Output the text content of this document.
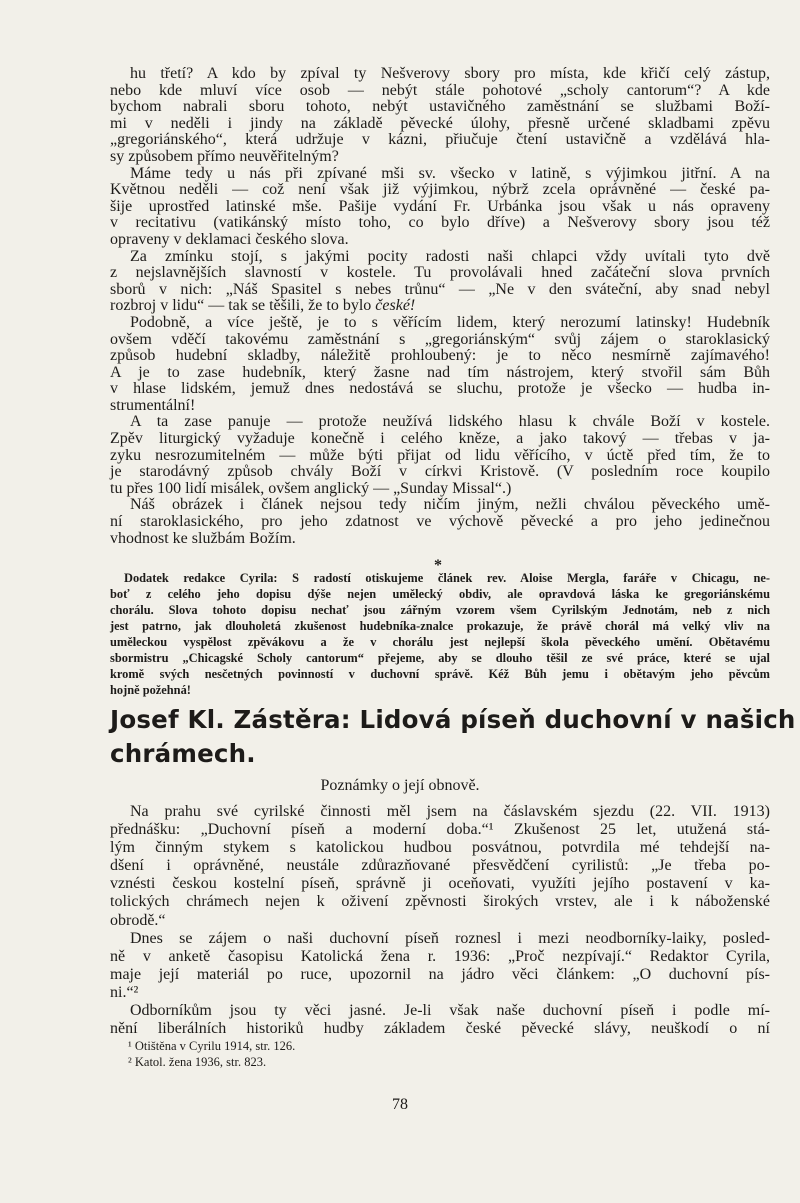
hu třetí? A kdo by zpíval ty Nešverovy sbory pro místa, kde křičí celý zástup,
nebo kde mluví více osob — nebýt stále pohotové „scholy cantorum“? A kde
bychom nabrali sboru tohoto, nebýt ustavičného zaměstnání se službami Boží-
mi v neděli i jindy na základě pěvecké úlohy, přesně určené skladbami zpěvu
„gregoriánského“, která udržuje v kázni, přiučuje čtení ustavičně a vzdělává hla-
sy způsobem přímo neuvěřitelným?
Máme tedy u nás při zpívané mši sv. všecko v latině, s výjimkou jitřní. A na
Květnou neděli — což není však již výjimkou, nýbrž zcela oprávněné — české pa-
šije uprostřed latinské mše. Pašije vydání Fr. Urbánka jsou však u nás opraveny
v recitativu (vatikánský místo toho, co bylo dříve) a Nešverovy sbory jsou též
opraveny v deklamaci českého slova.
Za zmínku stojí, s jakými pocity radosti naši chlapci vždy uvítali tyto dvě
z nejslavnějších slavností v kostele. Tu provolávali hned začáteční slova prvních
sborů v nich: „Náš Spasitel s nebes trůnu“ — „Ne v den sváteční, aby snad nebyl
rozbroj v lidu“ — tak se těšili, že to bylo české!
Podobně, a více ještě, je to s věřícím lidem, který nerozumí latinsky! Hudebník
ovšem vděčí takovému zaměstnání s „gregoriánským“ svůj zájem o staroklasický
způsob hudební skladby, náležitě prohloubený: je to něco nesmírně zajímavého!
A je to zase hudebník, který žasne nad tím nástrojem, který stvořil sám Bůh
v hlase lidském, jemuž dnes nedostává se sluchu, protože je všecko — hudba in-
strumentální!
A ta zase panuje — protože neužívá lidského hlasu k chvále Boží v kostele.
Zpěv liturgický vyžaduje konečně i celého kněze, a jako takový — třebas v ja-
zyku nesrozumitelném — může býti přijat od lidu věřícího, v úctě před tím, že to
je starodávný způsob chvály Boží v církvi Kristově. (V posledním roce koupilo
tu přes 100 lidí misálek, ovšem anglický — „Sunday Missal“.)
Náš obrázek i článek nejsou tedy ničím jiným, nežli chválou pěveckého umě-
ní staroklasického, pro jeho zdatnost ve výchově pěvecké a pro jeho jedinečnou
vhodnost ke službám Božím.
*
Dodatek redakce Cyrila: S radostí otiskujeme článek rev. Aloise Mergla, faráře v Chicagu, ne-
boť z celého jeho dopisu dýše nejen umělecký obdiv, ale opravdová láska ke gregoriánskému
chorálu. Slova tohoto dopisu nechať jsou zářným vzorem všem Cyrilským Jednotám, neb z nich
jest patrno, jak dlouholetá zkušenost hudebníka-znalce prokazuje, že právě chorál má velký vliv na
uměleckou vyspělost zpěvákovu a že v chorálu jest nejlepší škola pěveckého umění. Obětavému
sbormistru „Chicagské Scholy cantorum“ přejeme, aby se dlouho těšil ze své práce, které se ujal
kromě svých nesčetných povinností v duchovní správě. Kéž Bůh jemu i obětavým jeho pěvcům
hojně požehná!
Josef Kl. Zástěra: Lidová píseň duchovní v našich
chrámech.
Poznámky o její obnově.
Na prahu své cyrilské činnosti měl jsem na čáslavském sjezdu (22. VII. 1913)
přednášku: „Duchovní píseň a moderní doba.“¹ Zkušenost 25 let, utužená stá-
lým činným stykem s katolickou hudbou posvátnou, potvrdila mé tehdejší na-
dšení i oprávněné, neustále zdůrazňované přesvědčení cyrilistů: „Je třeba po-
vznésti českou kostelní píseň, správně ji oceňovati, využíti jejího postavení v ka-
tolických chrámech nejen k oživení zpěvnosti širokých vrstev, ale i k náboženské
obrodě.“
Dnes se zájem o naši duchovní píseň roznesl i mezi neodborníky-laiky, posled-
ně v anketě časopisu Katolická žena r. 1936: „Proč nezpívají.“ Redaktor Cyrila,
maje její materiál po ruce, upozornil na jádro věci článkem: „O duchovní pís-
ni.“²
Odborníkům jsou ty věci jasné. Je-li však naše duchovní píseň i podle mí-
nění liberálních historiků hudby základem české pěvecké slávy, neuškodí o ní
¹ Otištěna v Cyrilu 1914, str. 126.
² Katol. žena 1936, str. 823.
78
